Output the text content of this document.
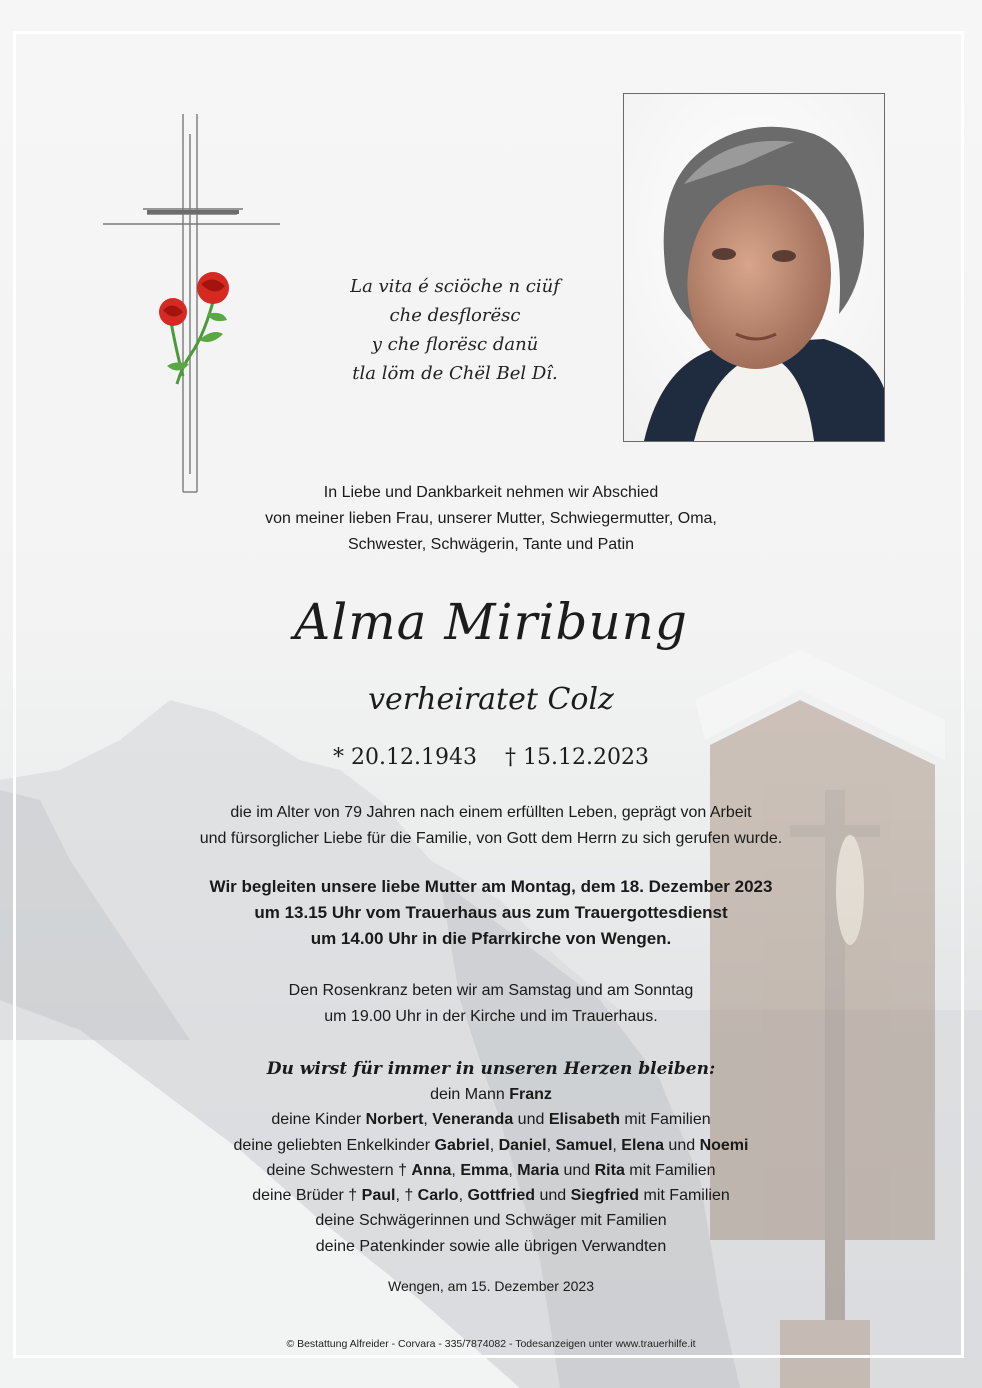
La vita é sciöche n ciüf
che desflorësc
y che florësc danü
tla löm de Chël Bel Dî.
In Liebe und Dankbarkeit nehmen wir Abschied
von meiner lieben Frau, unserer Mutter, Schwiegermutter, Oma,
Schwester, Schwägerin, Tante und Patin
Alma Miribung
verheiratet Colz
* 20.12.1943 † 15.12.2023
die im Alter von 79 Jahren nach einem erfüllten Leben, geprägt von Arbeit
und fürsorglicher Liebe für die Familie, von Gott dem Herrn zu sich gerufen wurde.
Wir begleiten unsere liebe Mutter am Montag, dem 18. Dezember 2023
um 13.15 Uhr vom Trauerhaus aus zum Trauergottesdienst
um 14.00 Uhr in die Pfarrkirche von Wengen.
Den Rosenkranz beten wir am Samstag und am Sonntag
um 19.00 Uhr in der Kirche und im Trauerhaus.
Du wirst für immer in unseren Herzen bleiben:
dein Mann Franz
deine Kinder Norbert, Veneranda und Elisabeth mit Familien
deine geliebten Enkelkinder Gabriel, Daniel, Samuel, Elena und Noemi
deine Schwestern † Anna, Emma, Maria und Rita mit Familien
deine Brüder † Paul, † Carlo, Gottfried und Siegfried mit Familien
deine Schwägerinnen und Schwäger mit Familien
deine Patenkinder sowie alle übrigen Verwandten
Wengen, am 15. Dezember 2023
© Bestattung Alfreider - Corvara - 335/7874082 - Todesanzeigen unter www.trauerhilfe.it
